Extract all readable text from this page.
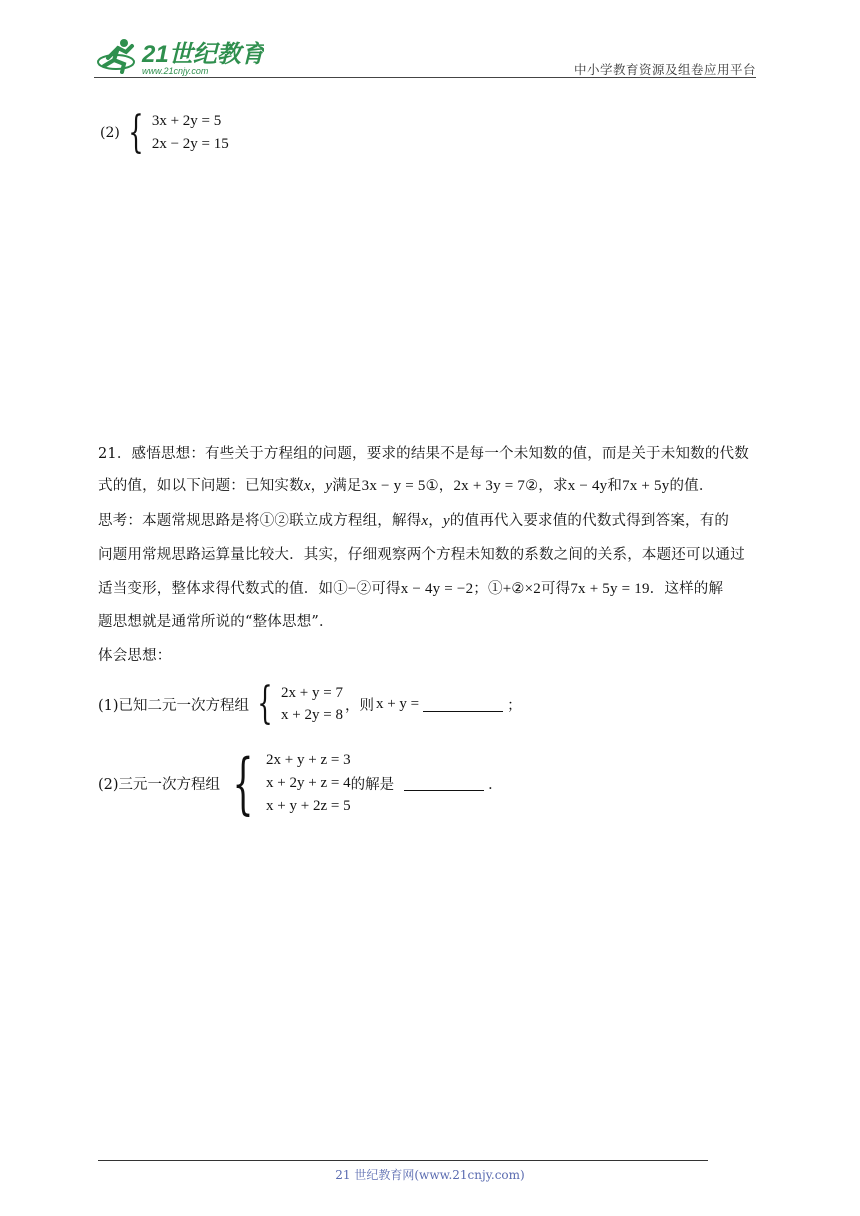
21世纪教育
www.21cnjy.com	中小学教育资源及组卷应用平台
(2) { 3x + 2y = 5
2x − 2y = 15
21．感悟思想：有些关于方程组的问题，要求的结果不是每一个未知数的值，而是关于未知数的代数
式的值，如以下问题：已知实数x，y满足3x − y = 5①，2x + 3y = 7②，求x − 4y和7x + 5y的值．
思考：本题常规思路是将①②联立成方程组，解得x，y的值再代入要求值的代数式得到答案，有的
问题用常规思路运算量比较大．其实，仔细观察两个方程未知数的系数之间的关系，本题还可以通过
适当变形，整体求得代数式的值．如①−②可得x − 4y = −2；①+②×2可得7x + 5y = 19．这样的解
题思想就是通常所说的“整体思想”．
体会思想：
(1)已知二元一次方程组 { 2x + y = 7
x + 2y = 8
，则 x + y =	；
(2)三元一次方程组 { 2x + y + z = 3
x + 2y + z = 4
x + y + 2z = 5
的解是	．
21 世纪教育网(www.21cnjy.com)
